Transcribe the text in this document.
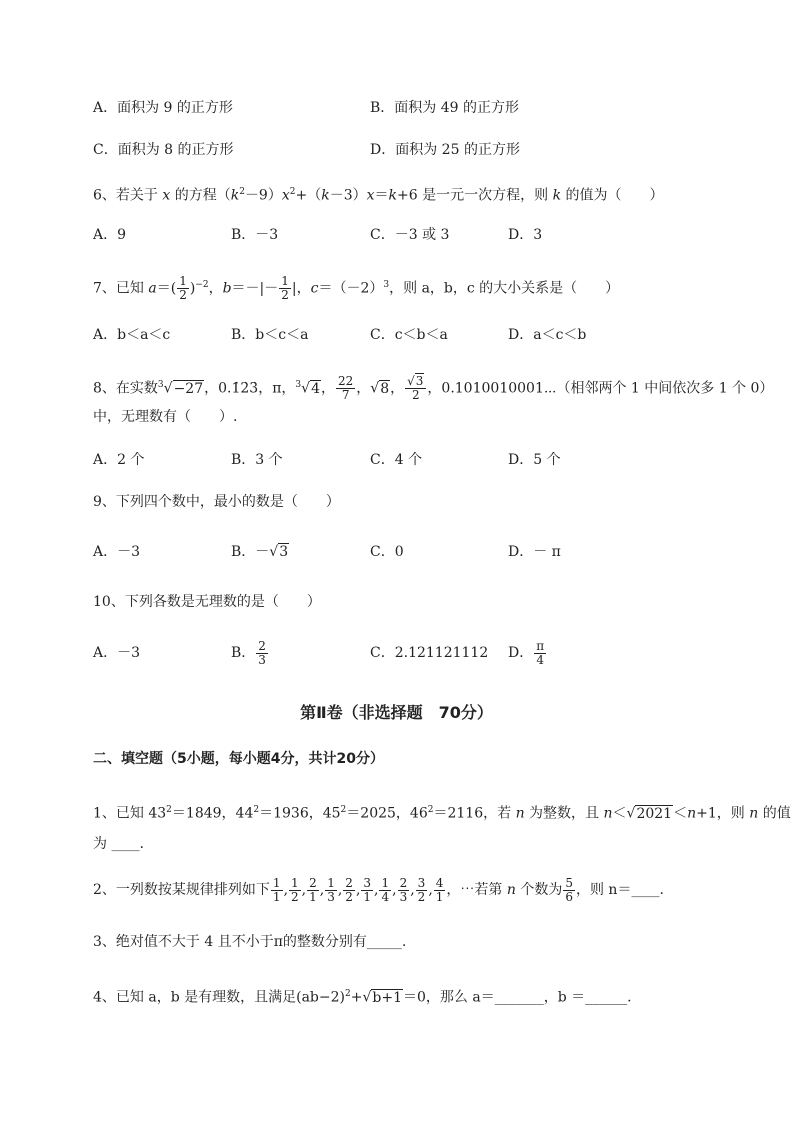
A．面积为 9 的正方形	B．面积为 49 的正方形
C．面积为 8 的正方形	D．面积为 25 的正方形
6、若关于 x 的方程$(k^2-9)x^2+(k-3)x=k+6$ 是一元一次方程，则 k 的值为（　　）
A．9	B．－3	C．－3 或 3	D．3
7、已知 $a=( \frac{1}{2} )^{-2}$，$b=-|- \frac{1}{2}$ |，$c=(-2)^3$，则 a，b，c 的大小关系是（　　）
A．b＜a＜c	B．b＜c＜a	C．c＜b＜a	D．a＜c＜b
8、在实数$^3$√−27，0.1̇2̇3̇，π，$^3$√4， $\frac{22}{7}$ ，√8， $\frac{√3}{2}$ ，0.1010010001⋯（相邻两个 1 中间依次多 1 个 0）
中，无理数有（　　）.
A．2 个	B．3 个	C．4 个	D．5 个
9、下列四个数中，最小的数是（　　）
A．－3	B．－√3	C．0	D．－ π
10、下列各数是无理数的是（　　）
A．－3	B． $\frac{2}{3}$	C．2.121121112 D． $\frac{\pi}{4}$
第Ⅱ卷（非选择题　70分）
二、填空题（5小题，每小题4分，共计20分）
1、已知 $43^2=1849$，$44^2=1936$，$45^2=2025$，$46^2=2116$，若 n 为整数，且 n＜√2021＜n+1，则 n 的值
为 ____.
2、一列数按某规律排列如下 $\frac{1}{1}$ , $\frac{1}{2}$ , $\frac{2}{1}$ , $\frac{1}{3}$ , $\frac{2}{2}$ , $\frac{3}{1}$ , $\frac{1}{4}$ , $\frac{2}{3}$ , $\frac{3}{2}$ , $\frac{4}{1}$ ，⋯若第 n 个数为 $\frac{5}{6}$ ，则 n＝____.
3、绝对值不大于 4 且不小于π的整数分别有_____.
4、已知 a，b 是有理数，且满足$(ab-2)^2+√b+1=0$，那么 a＝_______，b ＝______.
